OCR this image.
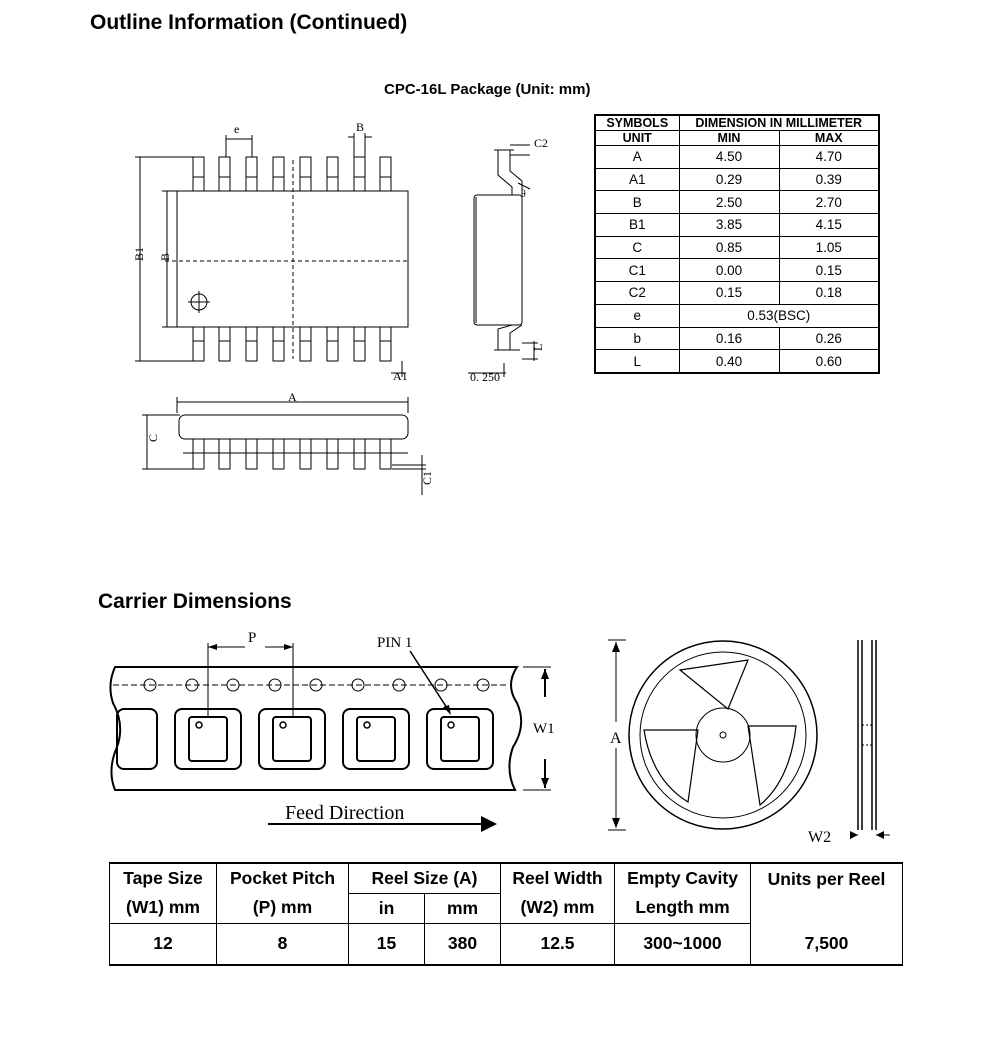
Outline Information (Continued)
CPC-16L Package (Unit: mm)
e	B
C2
θ
B1 B
A1	0. 250
L
A
C
C1
SYMBOLS	DIMENSION IN MILLIMETER	
UNIT	MIN	MAX
A	4.50	4.70
A1	0.29	0.39
B	2.50	2.70
B1	3.85	4.15
C	0.85	1.05
C1	0.00	0.15
C2	0.15	0.18
e	0.53(BSC)	
b	0.16	0.26
L	0.40	0.60
Carrier Dimensions
P	PIN 1
W1
Feed Direction
A
W2
Tape Size	Pocket Pitch	Reel Size (A)		Reel Width	Empty Cavity	Units per Reel
(W1) mm	(P) mm	in	mm	(W2) mm	Length mm	
12	8	15	380	12.5	300~1000	7,500
